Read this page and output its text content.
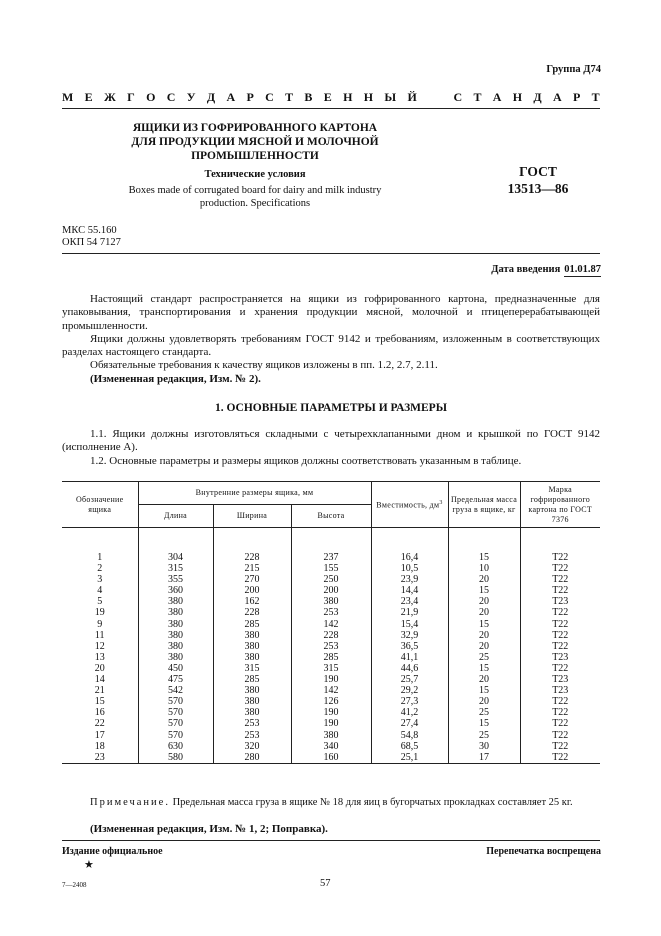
Группа Д74
М Е Ж Г О С У Д А Р С Т В Е Н Н Ы Й	С Т А Н Д А Р Т
ЯЩИКИ ИЗ ГОФРИРОВАННОГО КАРТОНА
ДЛЯ ПРОДУКЦИИ МЯСНОЙ И МОЛОЧНОЙ
ПРОМЫШЛЕННОСТИ
Технические условия
Boxes made of corrugated board for dairy and milk industry
production. Specifications
ГОСТ
13513—86
МКС 55.160
ОКП 54 7127
Дата введения 01.01.87

Настоящий стандарт распространяется на ящики из гофрированного картона, предназначенные для упаковывания, транспортирования и хранения продукции мясной, молочной и птицеперерабатывающей промышленности.

Ящики должны удовлетворять требованиям ГОСТ 9142 и требованиям, изложенным в соответствующих разделах настоящего стандарта.

Обязательные требования к качеству ящиков изложены в пп. 1.2, 2.7, 2.11.

(Измененная редакция, Изм. № 2).

1. ОСНОВНЫЕ ПАРАМЕТРЫ И РАЗМЕРЫ

1.1. Ящики должны изготовляться складными с четырехклапанными дном и крышкой по ГОСТ 9142 (исполнение А).

1.2. Основные параметры и размеры ящиков должны соответствовать указанным в таблице.

Обозначение ящика	Внутренние размеры ящика, мм			Вместимость, $дм^3$	Предельная масса груза в ящике, кг	Марка гофрированного картона по ГОСТ 7376
	Длина	Ширина	Высота			

1	304	228	237	16,4	15	Т22
2	315	215	155	10,5	10	Т22
3	355	270	250	23,9	20	Т22
4	360	200	200	14,4	15	Т22
5	380	162	380	23,4	20	Т23
19	380	228	253	21,9	20	Т22
9	380	285	142	15,4	15	Т22
11	380	380	228	32,9	20	Т22
12	380	380	253	36,5	20	Т22
13	380	380	285	41,1	25	Т23
20	450	315	315	44,6	15	Т22
14	475	285	190	25,7	20	Т23
21	542	380	142	29,2	15	Т23
15	570	380	126	27,3	20	Т22
16	570	380	190	41,2	25	Т22
22	570	253	190	27,4	15	Т22
17	570	253	380	54,8	25	Т22
18	630	320	340	68,5	30	Т22
23	580	280	160	25,1	17	Т22
Примечание. Предельная масса груза в ящике № 18 для яиц в бугорчатых прокладках составляет 25 кг.
(Измененная редакция, Изм. № 1, 2; Поправка).
Издание официальное	Перепечатка воспрещена
★
7—2408	57
